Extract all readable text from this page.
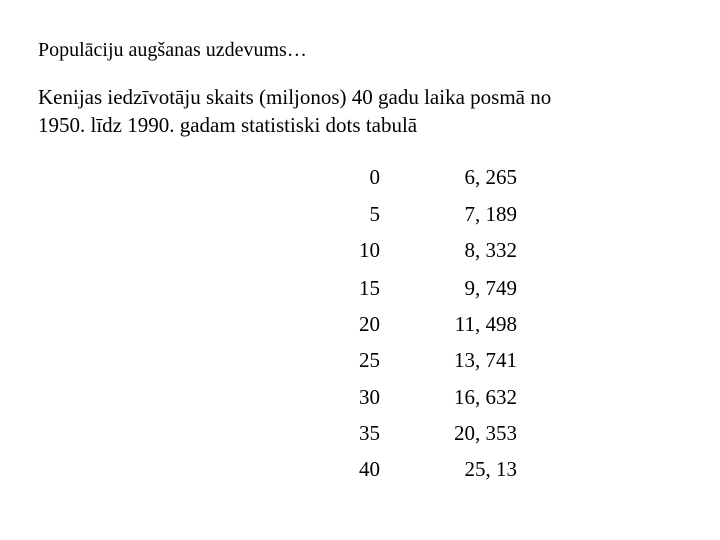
Populāciju augšanas uzdevums…
Kenijas iedzīvotāju skaits (miljonos) 40 gadu laika posmā no
1950. līdz 1990. gadam statistiski dots tabulā
0	6, 265
5	7, 189
10	8, 332
15	9, 749
20	11, 498
25	13, 741
30	16, 632
35	20, 353
40	25, 13
